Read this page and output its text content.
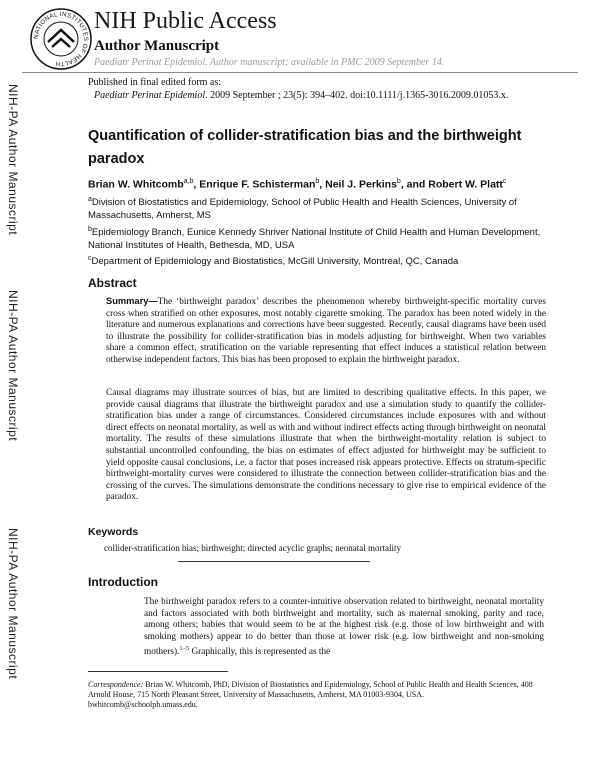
NATIONAL INSTITUTES OF HEALTH
NIH Public Access
Author Manuscript
Paediatr Perinat Epidemiol. Author manuscript; available in PMC 2009 September 14.
Published in final edited form as:
Paediatr Perinat Epidemiol. 2009 September ; 23(5): 394–402. doi:10.1111/j.1365-3016.2009.01053.x.
NIH-PA Author Manuscript
NIH-PA Author Manuscript
NIH-PA Author Manuscript
Quantification of collider-stratification bias and the birthweight paradox
Brian W. Whitcomb$^{a,b}$, Enrique F. Schisterman$^b$, Neil J. Perkins$^b$, and Robert W. Platt$^c$
$^a$Division of Biostatistics and Epidemiology, School of Public Health and Health Sciences, University of Massachusetts, Amherst, MS
$^b$Epidemiology Branch, Eunice Kennedy Shriver National Institute of Child Health and Human Development, National Institutes of Health, Bethesda, MD, USA
$^c$Department of Epidemiology and Biostatistics, McGill University, Montreal, QC, Canada
Abstract
Summary—The ‘birthweight paradox’ describes the phenomenon whereby birthweight-specific mortality curves cross when stratified on other exposures, most notably cigarette smoking. The paradox has been noted widely in the literature and numerous explanations and corrections have been suggested. Recently, causal diagrams have been used to illustrate the possibility for collider-stratification bias in models adjusting for birthweight. When two variables share a common effect, stratification on the variable representing that effect induces a statistical relation between otherwise independent factors. This bias has been proposed to explain the birthweight paradox.
Causal diagrams may illustrate sources of bias, but are limited to describing qualitative effects. In this paper, we provide causal diagrams that illustrate the birthweight paradox and use a simulation study to quantify the collider-stratification bias under a range of circumstances. Considered circumstances include exposures with and without direct effects on neonatal mortality, as well as with and without indirect effects acting through birthweight on neonatal mortality. The results of these simulations illustrate that when the birthweight-mortality relation is subject to substantial uncontrolled confounding, the bias on estimates of effect adjusted for birthweight may be sufficient to yield opposite causal conclusions, i.e. a factor that poses increased risk appears protective. Effects on stratum-specific birthweight-mortality curves were considered to illustrate the connection between collider-stratification bias and the crossing of the curves. The simulations demonstrate the conditions necessary to give rise to empirical evidence of the paradox.
Keywords
collider-stratification bias; birthweight; directed acyclic graphs; neonatal mortality
Introduction
The birthweight paradox refers to a counter-intuitive observation related to birthweight, neonatal mortality and factors associated with both birthweight and mortality, such as maternal smoking, parity and race, among others; babies that would seem to be at the highest risk (e.g. those of low birthweight and with smoking mothers) appear to do better than those at lower risk (e.g. low birthweight and non-smoking mothers).$^{1-5}$ Graphically, this is represented as the
Correspondence: Brian W. Whitcomb, PhD, Division of Biostatistics and Epidemiology, School of Public Health and Health Sciences, 408 Arnold House, 715 North Pleasant Street, University of Massachusetts, Amherst, MA 01003-9304, USA.
bwhitcomb@schoolph.umass.edu.
